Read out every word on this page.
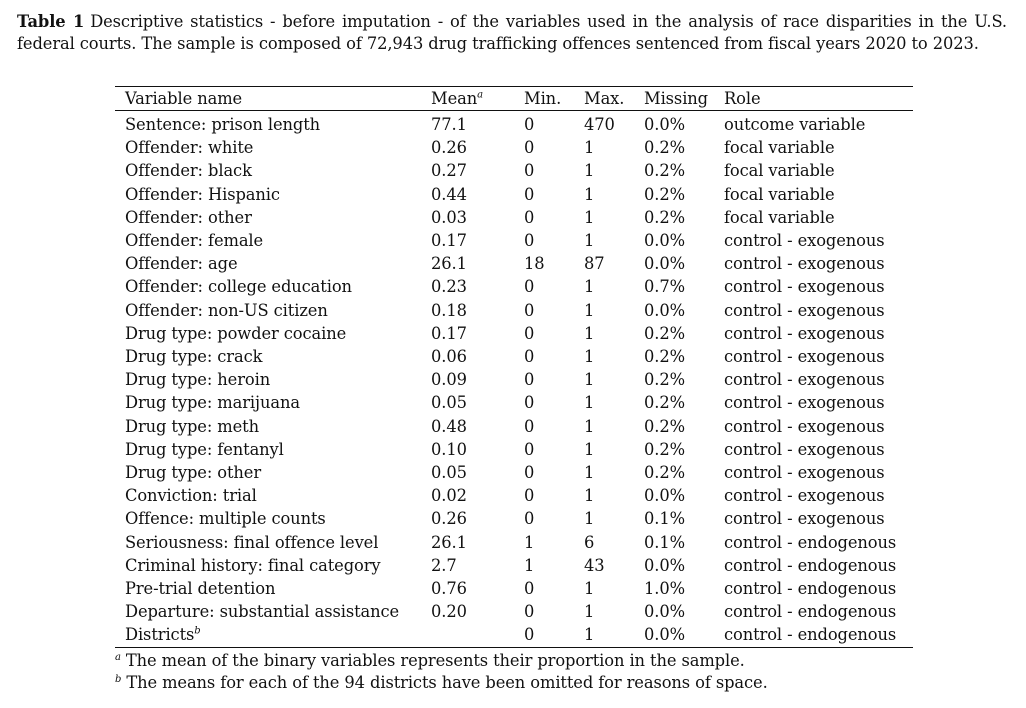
Table 1 Descriptive statistics - before imputation - of the variables used in the analysis of race disparities in the U.S. federal courts. The sample is composed of 72,943 drug trafficking offences sentenced from fiscal years 2020 to 2023.
Variable name	Mean$^a$	Min.	Max.	Missing	Role
Sentence: prison length	77.1	0	470	0.0%	outcome variable
Offender: white	0.26	0	1	0.2%	focal variable
Offender: black	0.27	0	1	0.2%	focal variable
Offender: Hispanic	0.44	0	1	0.2%	focal variable
Offender: other	0.03	0	1	0.2%	focal variable
Offender: female	0.17	0	1	0.0%	control - exogenous
Offender: age	26.1	18	87	0.0%	control - exogenous
Offender: college education	0.23	0	1	0.7%	control - exogenous
Offender: non-US citizen	0.18	0	1	0.0%	control - exogenous
Drug type: powder cocaine	0.17	0	1	0.2%	control - exogenous
Drug type: crack	0.06	0	1	0.2%	control - exogenous
Drug type: heroin	0.09	0	1	0.2%	control - exogenous
Drug type: marijuana	0.05	0	1	0.2%	control - exogenous
Drug type: meth	0.48	0	1	0.2%	control - exogenous
Drug type: fentanyl	0.10	0	1	0.2%	control - exogenous
Drug type: other	0.05	0	1	0.2%	control - exogenous
Conviction: trial	0.02	0	1	0.0%	control - exogenous
Offence: multiple counts	0.26	0	1	0.1%	control - exogenous
Seriousness: final offence level	26.1	1	6	0.1%	control - endogenous
Criminal history: final category	2.7	1	43	0.0%	control - endogenous
Pre-trial detention	0.76	0	1	1.0%	control - endogenous
Departure: substantial assistance	0.20	0	1	0.0%	control - endogenous
Districts$^b$		0	1	0.0%	control - endogenous
$^a$ The mean of the binary variables represents their proportion in the sample.
$^b$ The means for each of the 94 districts have been omitted for reasons of space.
